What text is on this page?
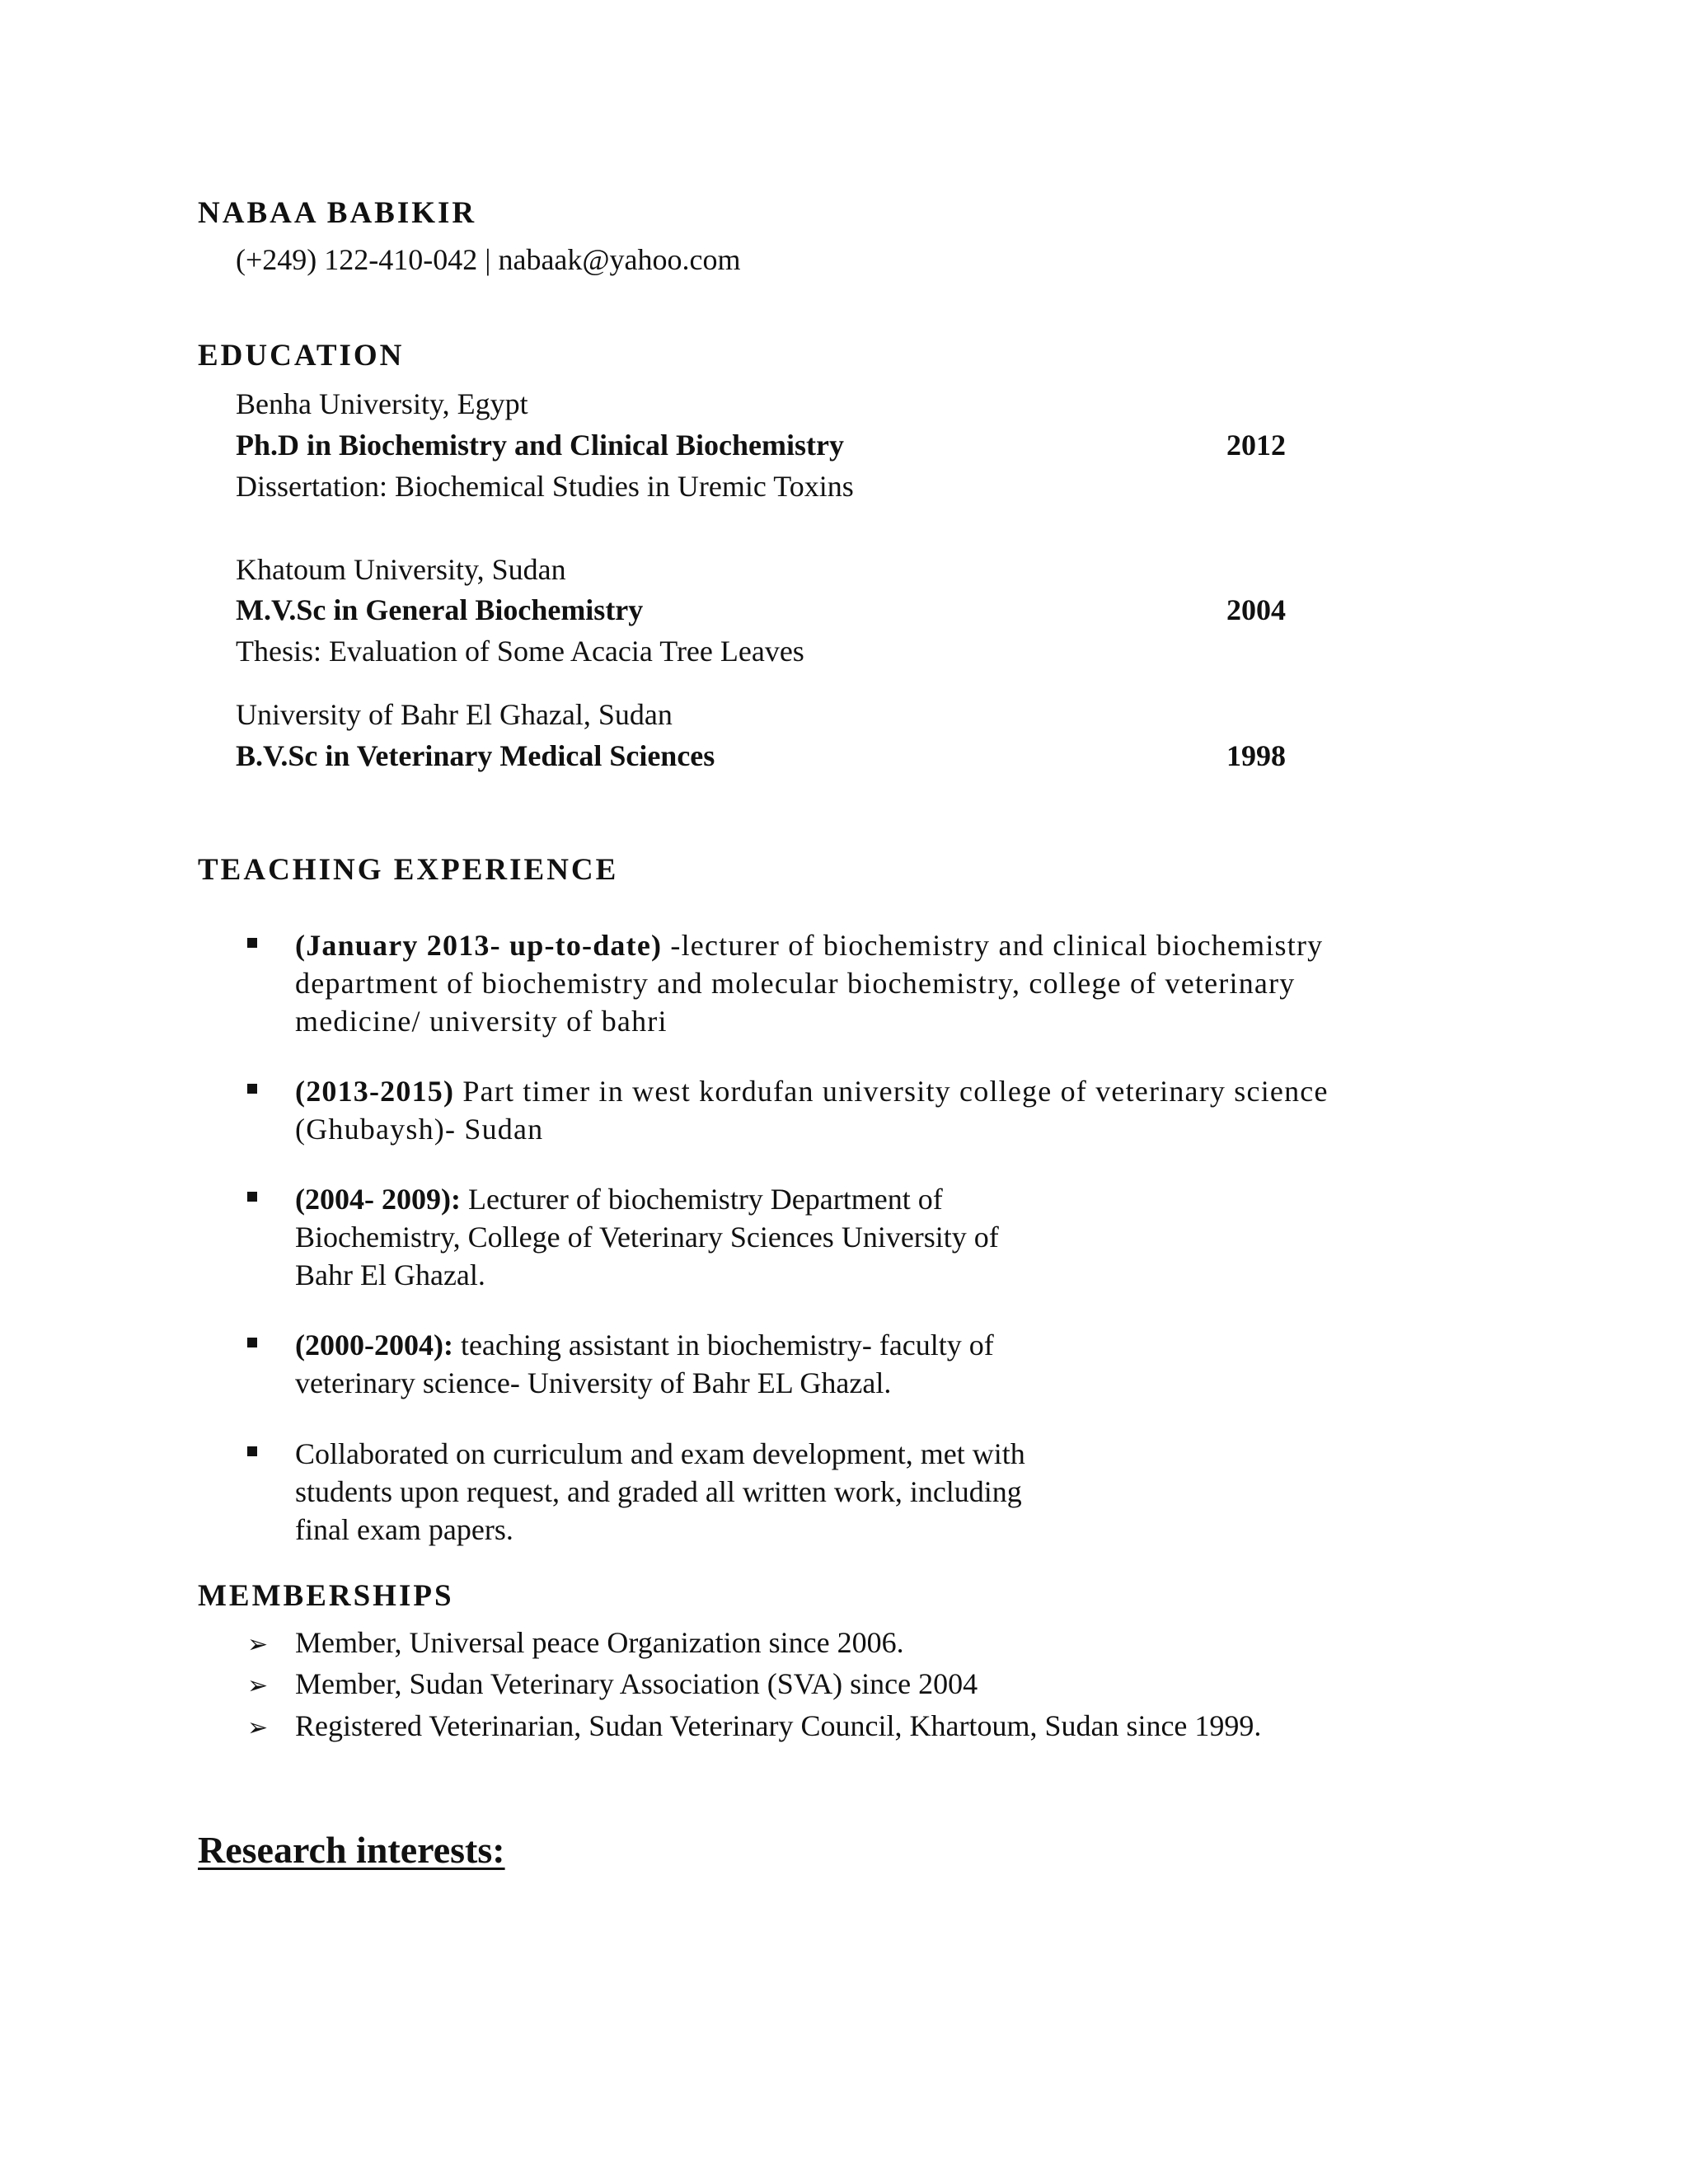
NABAA BABIKIR
(+249) 122-410-042 | nabaak@yahoo.com
EDUCATION
Benha University, Egypt
Ph.D in Biochemistry and Clinical Biochemistry	2012
Dissertation: Biochemical Studies in Uremic Toxins
Khatoum University, Sudan
M.V.Sc in General Biochemistry	2004
Thesis: Evaluation of Some Acacia Tree Leaves
University of Bahr El Ghazal, Sudan
B.V.Sc in Veterinary Medical Sciences	1998
TEACHING EXPERIENCE
(January 2013- up-to-date) -lecturer of biochemistry and clinical biochemistry
department of biochemistry and molecular biochemistry, college of veterinary
medicine/ university of bahri
(2013-2015) Part timer in west kordufan university college of veterinary science
(Ghubaysh)- Sudan
(2004- 2009): Lecturer of biochemistry Department of
Biochemistry, College of Veterinary Sciences University of
Bahr El Ghazal.
(2000-2004): teaching assistant in biochemistry- faculty of
veterinary science- University of Bahr EL Ghazal.
Collaborated on curriculum and exam development, met with
students upon request, and graded all written work, including
final exam papers.
MEMBERSHIPS
➢ Member, Universal peace Organization since 2006.
➢ Member, Sudan Veterinary Association (SVA) since 2004
➢ Registered Veterinarian, Sudan Veterinary Council, Khartoum, Sudan since 1999.
Research interests:
